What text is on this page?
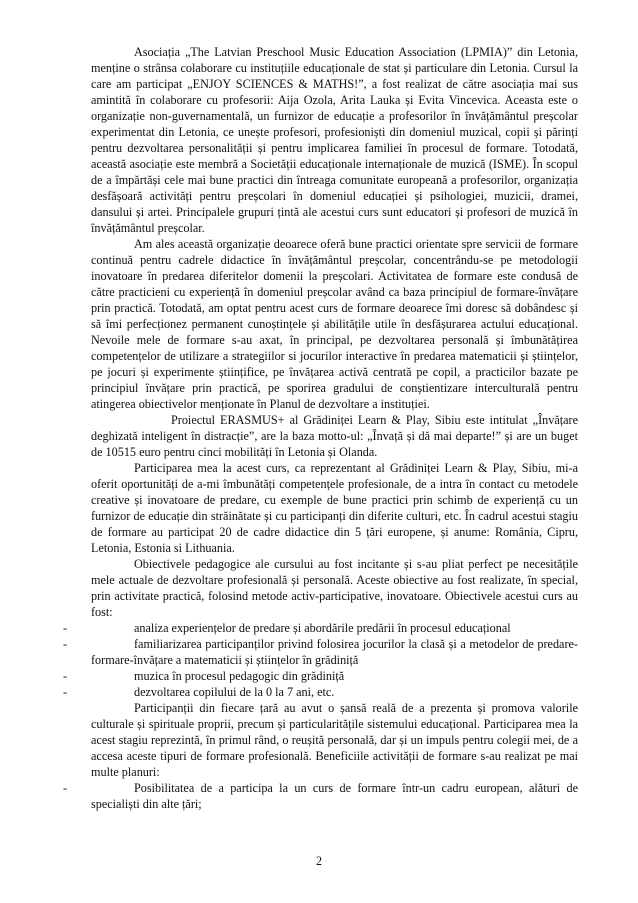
Asociația „The Latvian Preschool Music Education Association (LPMIA)” din Letonia, menține o strânsa colaborare cu instituțiile educaționale de stat și particulare din Letonia. Cursul la care am participat „ENJOY SCIENCES & MATHS!”, a fost realizat de către asociația mai sus amintită în colaborare cu profesorii: Aija Ozola, Arita Lauka și Evita Vincevica. Aceasta este o organizație non-guvernamentală, un furnizor de educație a profesorilor în învățământul preșcolar experimentat din Letonia, ce unește profesori, profesioniști din domeniul muzical, copii și părinți pentru dezvoltarea personalității și pentru implicarea familiei în procesul de formare. Totodată, această asociație este membră a Societății educaționale internaționale de muzică (ISME). În scopul de a împărtăși cele mai bune practici din întreaga comunitate europeană a profesorilor, organizația desfășoară activități pentru preșcolari în domeniul educației și psihologiei, muzicii, dramei, dansului și artei. Principalele grupuri țintă ale acestui curs sunt educatori și profesori de muzică în învățământul preșcolar.

Am ales această organizație deoarece oferă bune practici orientate spre servicii de formare continuă pentru cadrele didactice în învățământul preșcolar, concentrându-se pe metodologii inovatoare în predarea diferitelor domenii la preșcolari. Activitatea de formare este condusă de către practicieni cu experiență în domeniul preșcolar având ca baza principiul de formare-învățare prin practică. Totodată, am optat pentru acest curs de formare deoarece îmi doresc să dobândesc și să îmi perfecționez permanent cunoștințele și abilitățile utile în desfășurarea actului educațional. Nevoile mele de formare s-au axat, în principal, pe dezvoltarea personală și îmbunătățirea competențelor de utilizare a strategiilor si jocurilor interactive în predarea matematicii și științelor, pe jocuri și experimente științifice, pe învățarea activă centrată pe copil, a practicilor bazate pe principiul învățare prin practică, pe sporirea gradului de conștientizare interculturală pentru atingerea obiectivelor menționate în Planul de dezvoltare a instituției.

Proiectul ERASMUS+ al Grădiniței Learn & Play, Sibiu este intitulat „Învățare deghizată inteligent în distracție”, are la baza motto-ul: „Învață și dă mai departe!” și are un buget de 10515 euro pentru cinci mobilități în Letonia și Olanda.

Participarea mea la acest curs, ca reprezentant al Grădiniței Learn & Play, Sibiu, mi-a oferit oportunități de a-mi îmbunătăți competențele profesionale, de a intra în contact cu metodele creative și inovatoare de predare, cu exemple de bune practici prin schimb de experiență cu un furnizor de educație din străinătate și cu participanți din diferite culturi, etc. În cadrul acestui stagiu de formare au participat 20 de cadre didactice din 5 țări europene, și anume: România, Cipru, Letonia, Estonia si Lithuania.

Obiectivele pedagogice ale cursului au fost incitante și s-au pliat perfect pe necesitățile mele actuale de dezvoltare profesională și personală. Aceste obiective au fost realizate, în special, prin activitate practică, folosind metode activ-participative, inovatoare. Obiectivele acestui curs au fost:

-	analiza experiențelor de predare și abordările predării în procesul educațional

-	familiarizarea participanților privind folosirea jocurilor la clasă și a metodelor de predare-formare-învățare a matematicii și științelor în grădiniță

-	muzica în procesul pedagogic din grădiniță

-	dezvoltarea copilului de la 0 la 7 ani, etc.

Participanții din fiecare țară au avut o șansă reală de a prezenta și promova valorile culturale și spirituale proprii, precum și particularitățile sistemului educațional. Participarea mea la acest stagiu reprezintă, în primul rând, o reușită personală, dar și un impuls pentru colegii mei, de a accesa aceste tipuri de formare profesională. Beneficiile activității de formare s-au realizat pe mai multe planuri:

-	Posibilitatea de a participa la un curs de formare într-un cadru european, alături de specialiști din alte țări;

2
